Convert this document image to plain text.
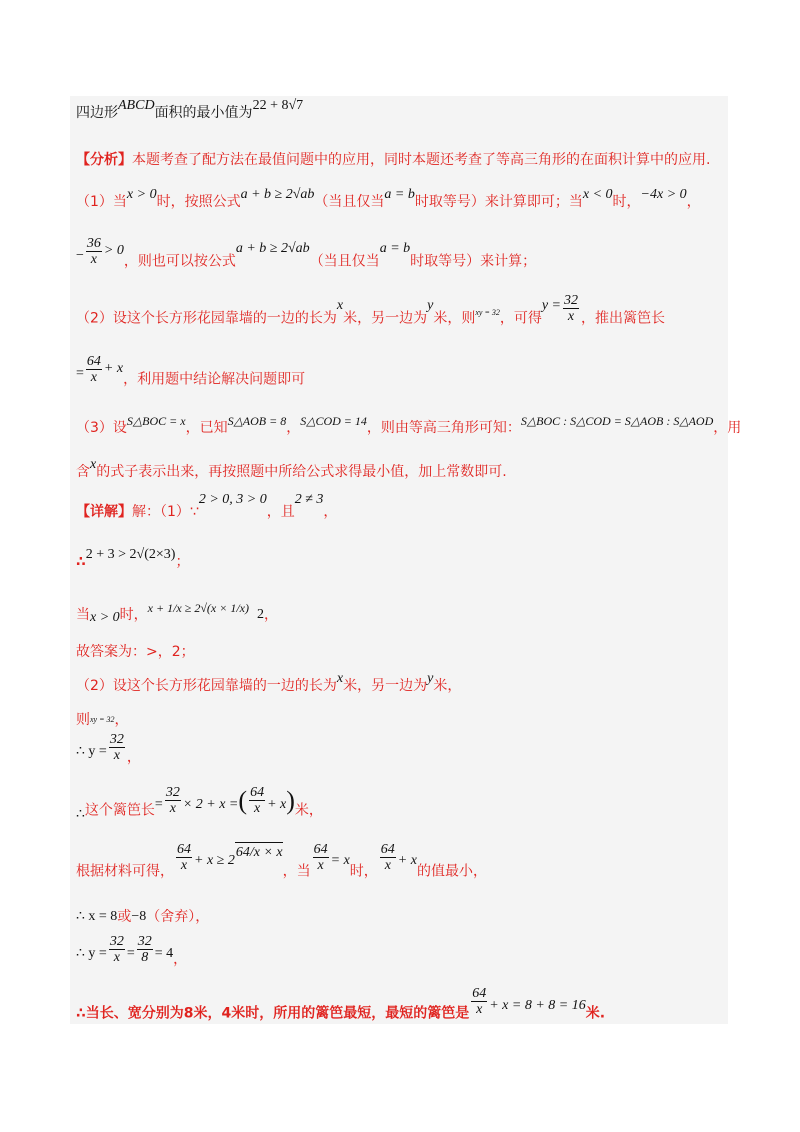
四边形ABCD面积的最小值为22 + 8√7
【分析】本题考查了配方法在最值问题中的应用，同时本题还考查了等高三角形的在面积计算中的应用.
（1）当x > 0时，按照公式a + b ≥ 2√ab（当且仅当a = b时取等号）来计算即可；当x < 0时，−4x > 0，
− $\frac{36}{x} > 0$，则也可以按公式a + b ≥ 2√ab（当且仅当a = b时取等号）来计算；
（2）设这个长方形花园靠墙的一边的长为x米，另一边为y米，则xy = 32，可得$y = \frac{32}{x}$ ，推出篱笆长
= $\frac{64}{x} + x$，利用题中结论解决问题即可
（3）设S△BOC = x，已知S△AOB = 8，S△COD = 14，则由等高三角形可知：S△BOC : S△COD = S△AOB : S△AOD，用
含x的式子表示出来，再按照题中所给公式求得最小值，加上常数即可.
【详解】解：（1）∵2 > 0, 3 > 0，且2 ≠ 3，
∴2 + 3 > 2√(2×3)；
当x > 0时，x + 1/x ≥ 2√(x × 1/x) 2，
故答案为：>，2；
（2）设这个长方形花园靠墙的一边的长为x米，另一边为y米，
则xy = 32，
∴ $y = \frac{32}{x}$ ，
∴这个篱笆长= $\frac{32}{x} \times 2 + x$ =( $\frac{64}{x} + x$)米，
根据材料可得， $\frac{64}{x} + x \ge 264/x \times x$，当 $\frac{64}{x} = x$时， $\frac{64}{x} + x$的值最小，
∴ x = 8或−8（舍弃），
∴ $y = \frac{32}{x} = \frac{32}{8} = 4$，
∴当长、宽分别为8米，4米时，所用的篱笆最短，最短的篱笆是 $\frac{64}{x} + x = 8 + 8 = 16$米.
